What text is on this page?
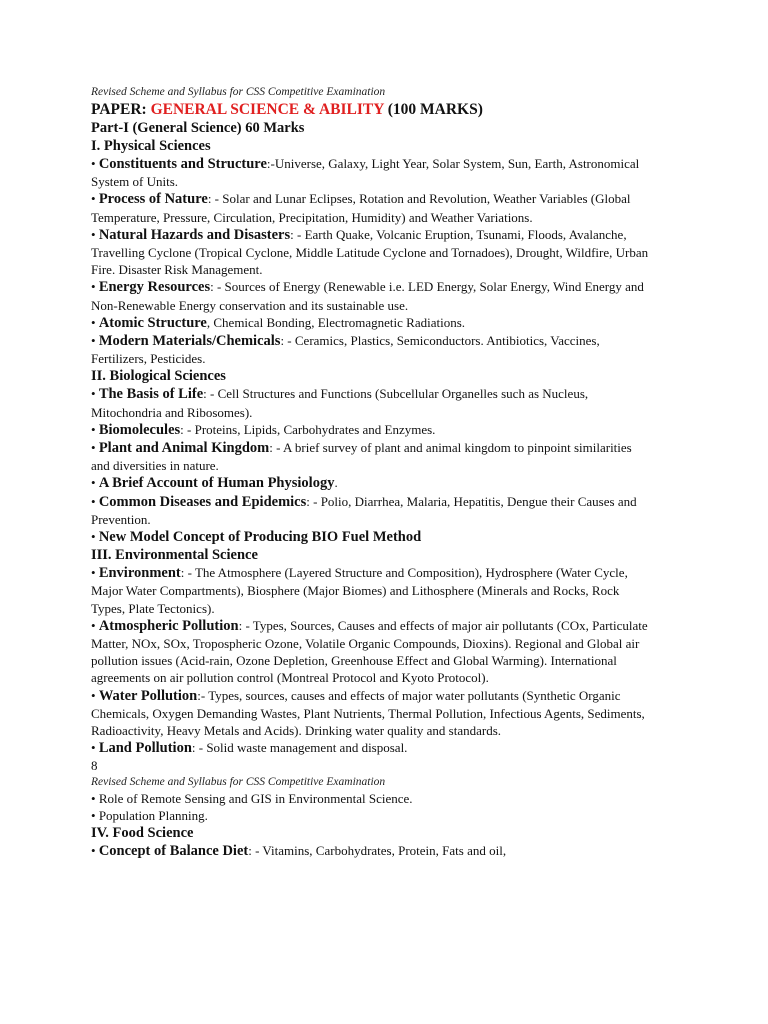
Revised Scheme and Syllabus for CSS Competitive Examination
PAPER: GENERAL SCIENCE & ABILITY (100 MARKS)
Part-I (General Science) 60 Marks
I. Physical Sciences

• Constituents and Structure:-Universe, Galaxy, Light Year, Solar System, Sun, Earth, Astronomical System of Units.

• Process of Nature: - Solar and Lunar Eclipses, Rotation and Revolution, Weather Variables (Global Temperature, Pressure, Circulation, Precipitation, Humidity) and Weather Variations.

• Natural Hazards and Disasters: - Earth Quake, Volcanic Eruption, Tsunami, Floods, Avalanche, Travelling Cyclone (Tropical Cyclone, Middle Latitude Cyclone and Tornadoes), Drought, Wildfire, Urban Fire. Disaster Risk Management.

• Energy Resources: - Sources of Energy (Renewable i.e. LED Energy, Solar Energy, Wind Energy and Non-Renewable Energy conservation and its sustainable use.

• Atomic Structure, Chemical Bonding, Electromagnetic Radiations.

• Modern Materials/Chemicals: - Ceramics, Plastics, Semiconductors. Antibiotics, Vaccines, Fertilizers, Pesticides.

II. Biological Sciences

• The Basis of Life: - Cell Structures and Functions (Subcellular Organelles such as Nucleus, Mitochondria and Ribosomes).

• Biomolecules: - Proteins, Lipids, Carbohydrates and Enzymes.

• Plant and Animal Kingdom: - A brief survey of plant and animal kingdom to pinpoint similarities and diversities in nature.

• A Brief Account of Human Physiology.

• Common Diseases and Epidemics: - Polio, Diarrhea, Malaria, Hepatitis, Dengue their Causes and Prevention.

• New Model Concept of Producing BIO Fuel Method

III. Environmental Science

• Environment: - The Atmosphere (Layered Structure and Composition), Hydrosphere (Water Cycle, Major Water Compartments), Biosphere (Major Biomes) and Lithosphere (Minerals and Rocks, Rock Types, Plate Tectonics).

• Atmospheric Pollution: - Types, Sources, Causes and effects of major air pollutants (COx, Particulate Matter, NOx, SOx, Tropospheric Ozone, Volatile Organic Compounds, Dioxins). Regional and Global air pollution issues (Acid-rain, Ozone Depletion, Greenhouse Effect and Global Warming). International agreements on air pollution control (Montreal Protocol and Kyoto Protocol).

• Water Pollution:- Types, sources, causes and effects of major water pollutants (Synthetic Organic Chemicals, Oxygen Demanding Wastes, Plant Nutrients, Thermal Pollution, Infectious Agents, Sediments, Radioactivity, Heavy Metals and Acids). Drinking water quality and standards.

• Land Pollution: - Solid waste management and disposal.

8
Revised Scheme and Syllabus for CSS Competitive Examination

• Role of Remote Sensing and GIS in Environmental Science.

• Population Planning.

IV. Food Science

• Concept of Balance Diet: - Vitamins, Carbohydrates, Protein, Fats and oil,
